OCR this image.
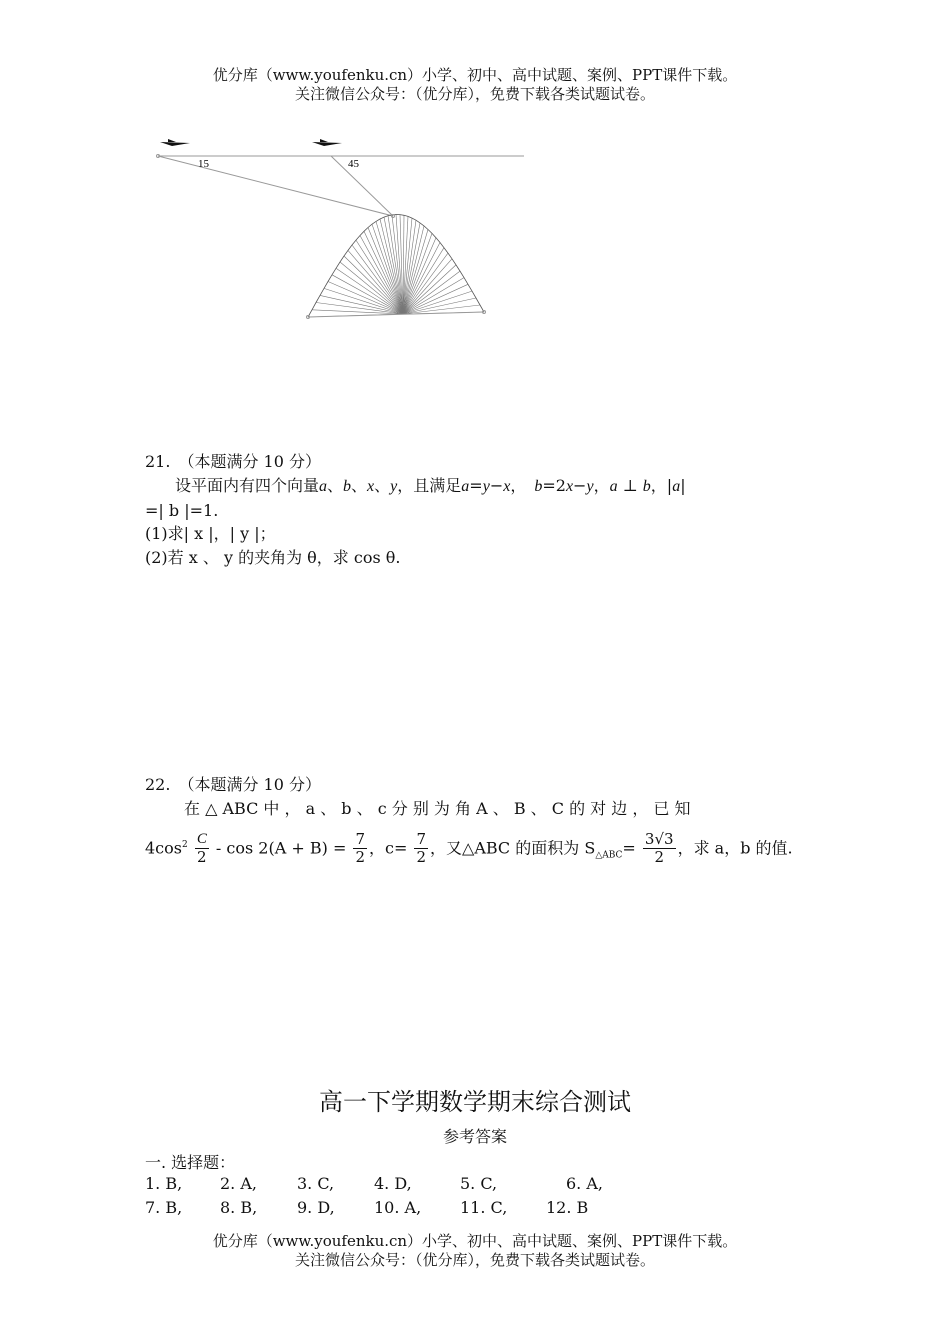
优分库（www.youfenku.cn）小学、初中、高中试题、案例、PPT课件下载。
关注微信公众号：（优分库），免费下载各类试题试卷。
15	45
21.　（本题满分 10 分）
设平面内有四个向量a、b、x、y，且满足a=y−x，　b=2x−y，a ⊥ b，|a|
=| b |=1.
(1)求| x |，| y |；
(2)若 x 、 y 的夹角为 θ，求 cos θ.
22.　（本题满分 10 分）
在 △ ABC 中 ， a 、 b 、 c 分 别 为 角 A 、 B 、 C 的 对 边 ， 已 知
$4\cos^2 \frac{C}{2} - \cos 2(A + B) = \frac{7}{2}$ ，$c= \frac{7}{2}$ ，又△ABC 的面积为 $S_{\triangle ABC}= \frac{3√3}{2}$ ，求 a，b 的值.
高一下学期数学期末综合测试
参考答案
一. 选择题：
1. B, 2. A,	3. C, 4. D,	5. C,	6. A,
7. B, 8. B, 9. D, 10. A, 11. C, 12. B
优分库（www.youfenku.cn）小学、初中、高中试题、案例、PPT课件下载。
关注微信公众号：（优分库），免费下载各类试题试卷。
